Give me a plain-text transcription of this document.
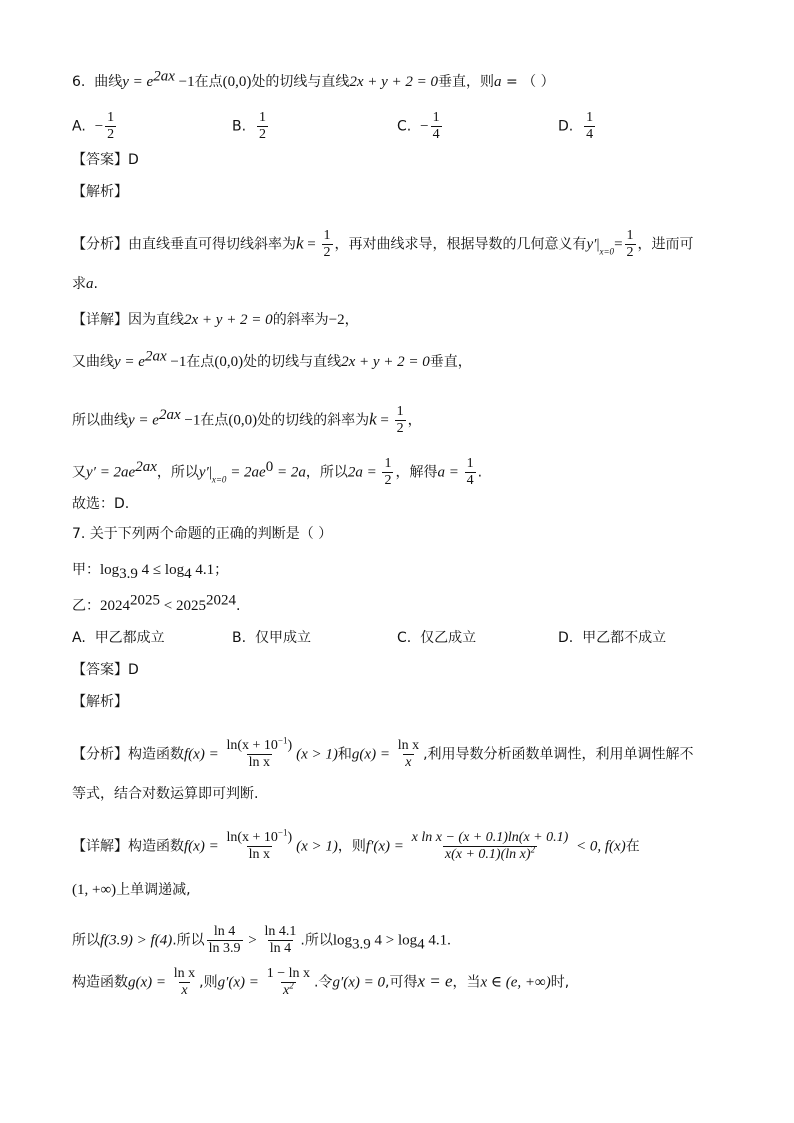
6. 曲线$y = e^{2ax} -1$在点(0,0)处的切线与直线2x + y + 2 = 0垂直，则a = （ ）
A. − $\frac{1}{2}$	B. $\frac{1}{2}$	C. − $\frac{1}{4}$	D. $\frac{1}{4}$
【答案】D
【解析】
【分析】由直线垂直可得切线斜率为$k = \frac{1}{2}$ ，再对曲线求导，根据导数的几何意义有$y'|_{x=0}= \frac{1}{2}$ ，进而可
求a.
【详解】因为直线2x + y + 2 = 0的斜率为−2，
又曲线$y = e^{2ax} -1$在点(0,0)处的切线与直线2x + y + 2 = 0垂直，
所以曲线$y = e^{2ax} -1$在点(0,0)处的切线的斜率为$k = \frac{1}{2}$ ，
又$y' = 2ae^{2ax}$，所以$y'|_{x=0} = 2ae^0 = 2a$，所以$2a = \frac{1}{2}$ ，解得$a = \frac{1}{4}$ .
故选：D.
7. 关于下列两个命题的正确的判断是（ ）
甲：$\log_{3.9} 4 \le \log_4 4.1$；
乙：$2024^{2025} < 2025^{2024}$.
A. 甲乙都成立	B. 仅甲成立	C. 仅乙成立	D. 甲乙都不成立
【答案】D
【解析】
【分析】构造函数$f(x) = \frac{\ln(x + 10^{-1})}{\text{ln x}} (x > 1)$和$g(x) = \frac{\text{ln x}}{x}$ ,利用导数分析函数单调性，利用单调性解不
等式，结合对数运算即可判断.
【详解】构造函数$f(x) = \frac{\ln(x + 10^{-1})}{\text{ln x}} (x > 1)$，则$f'(x) = \frac{\text{x ln x − (x + 0.1)ln(x + 0.1)}}{x(x + 0.1)(\ln x)^2} < 0$, f(x)在
(1, +∞)上单调递减,
所以f(3.9) > f(4).所以 $\frac{\ln 4}{\ln 3.9} > \frac{\ln 4.1}{\ln 4}$ .所以$\log_{3.9} 4 > \log_4 4.1$.
构造函数$g(x) = \frac{\text{ln x}}{x}$ ,则$g'(x) = \frac{\text{1 − ln x}}{x^2}$ .令g′(x) = 0,可得x = e，当x ∈ (e, +∞)时,
